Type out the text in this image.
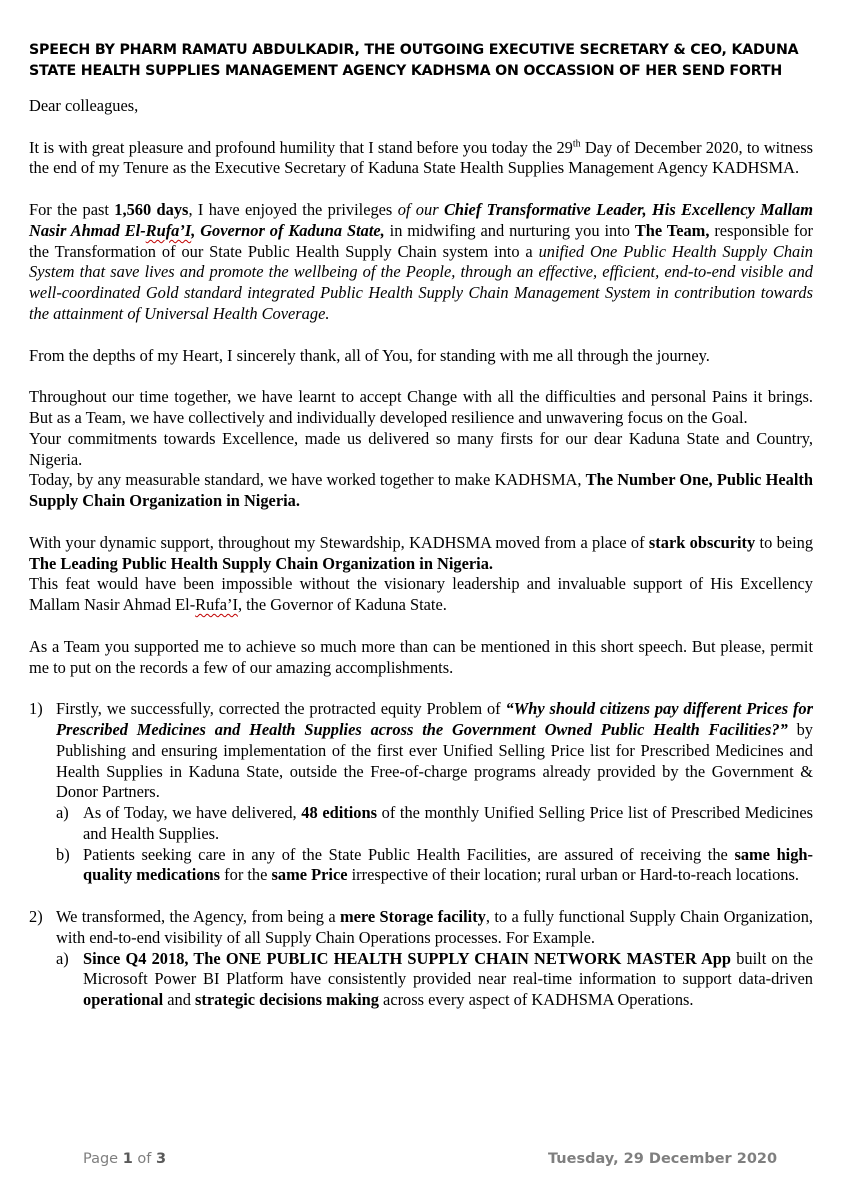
SPEECH BY PHARM RAMATU ABDULKADIR, THE OUTGOING EXECUTIVE SECRETARY & CEO, KADUNA STATE HEALTH SUPPLIES MANAGEMENT AGENCY KADHSMA ON OCCASSION OF HER SEND FORTH

Dear colleagues,

It is with great pleasure and profound humility that I stand before you today the 29th Day of December 2020, to witness the end of my Tenure as the Executive Secretary of Kaduna State Health Supplies Management Agency KADHSMA.

For the past 1,560 days, I have enjoyed the privileges of our Chief Transformative Leader, His Excellency Mallam Nasir Ahmad El-Rufa’I, Governor of Kaduna State, in midwifing and nurturing you into The Team, responsible for the Transformation of our State Public Health Supply Chain system into a unified One Public Health Supply Chain System that save lives and promote the wellbeing of the People, through an effective, efficient, end-to-end visible and well-coordinated Gold standard integrated Public Health Supply Chain Management System in contribution towards the attainment of Universal Health Coverage.

From the depths of my Heart, I sincerely thank, all of You, for standing with me all through the journey.

Throughout our time together, we have learnt to accept Change with all the difficulties and personal Pains it brings. But as a Team, we have collectively and individually developed resilience and unwavering focus on the Goal.

Your commitments towards Excellence, made us delivered so many firsts for our dear Kaduna State and Country, Nigeria.

Today, by any measurable standard, we have worked together to make KADHSMA, The Number One, Public Health Supply Chain Organization in Nigeria.

With your dynamic support, throughout my Stewardship, KADHSMA moved from a place of stark obscurity to being The Leading Public Health Supply Chain Organization in Nigeria.

This feat would have been impossible without the visionary leadership and invaluable support of His Excellency Mallam Nasir Ahmad El-Rufa’I, the Governor of Kaduna State.

As a Team you supported me to achieve so much more than can be mentioned in this short speech. But please, permit me to put on the records a few of our amazing accomplishments.

1) Firstly, we successfully, corrected the protracted equity Problem of “Why should citizens pay different Prices for Prescribed Medicines and Health Supplies across the Government Owned Public Health Facilities?” by Publishing and ensuring implementation of the first ever Unified Selling Price list for Prescribed Medicines and Health Supplies in Kaduna State, outside the Free-of-charge programs already provided by the Government & Donor Partners.
a) As of Today, we have delivered, 48 editions of the monthly Unified Selling Price list of Prescribed Medicines and Health Supplies.
b) Patients seeking care in any of the State Public Health Facilities, are assured of receiving the same high-quality medications for the same Price irrespective of their location; rural urban or Hard-to-reach locations.
2) We transformed, the Agency, from being a mere Storage facility, to a fully functional Supply Chain Organization, with end-to-end visibility of all Supply Chain Operations processes. For Example.
a) Since Q4 2018, The ONE PUBLIC HEALTH SUPPLY CHAIN NETWORK MASTER App built on the Microsoft Power BI Platform have consistently provided near real-time information to support data-driven operational and strategic decisions making across every aspect of KADHSMA Operations.
Page 1 of 3	Tuesday, 29 December 2020
